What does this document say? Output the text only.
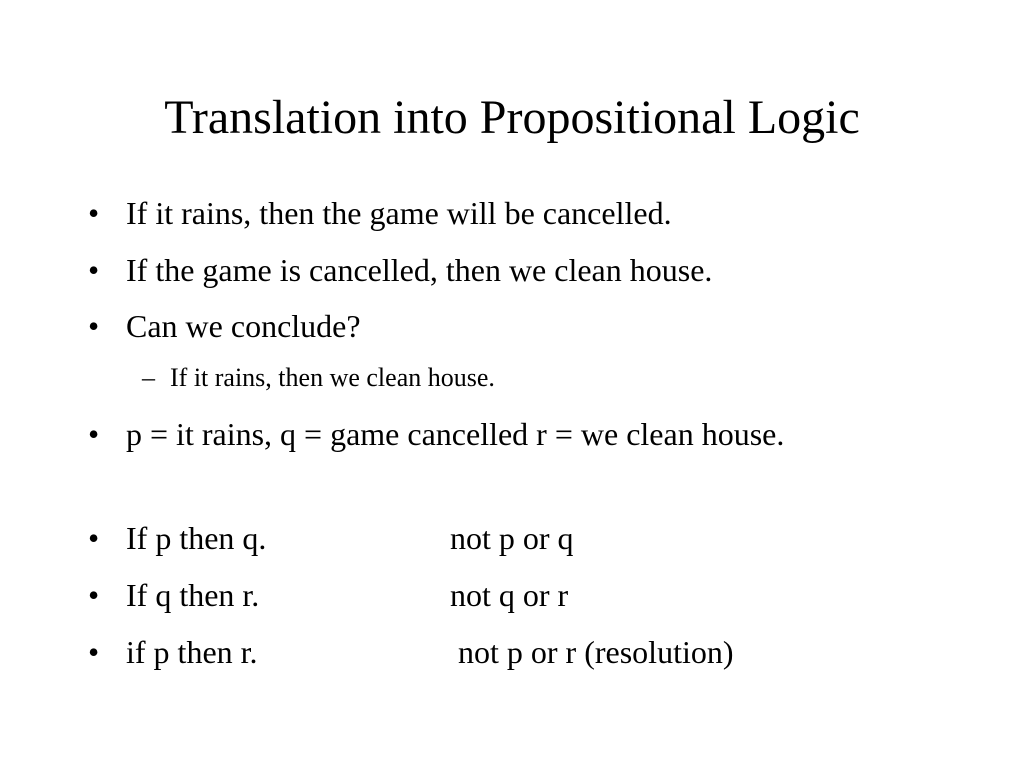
Translation into Propositional Logic
• If it rains, then the game will be cancelled.
• If the game is cancelled, then we clean house.
• Can we conclude?
– If it rains, then we clean house.
• p = it rains, q = game cancelled r = we clean house.
• If p then q.	not p or q
• If q then r.	not q or r
• if p then r.	not p or r (resolution)
